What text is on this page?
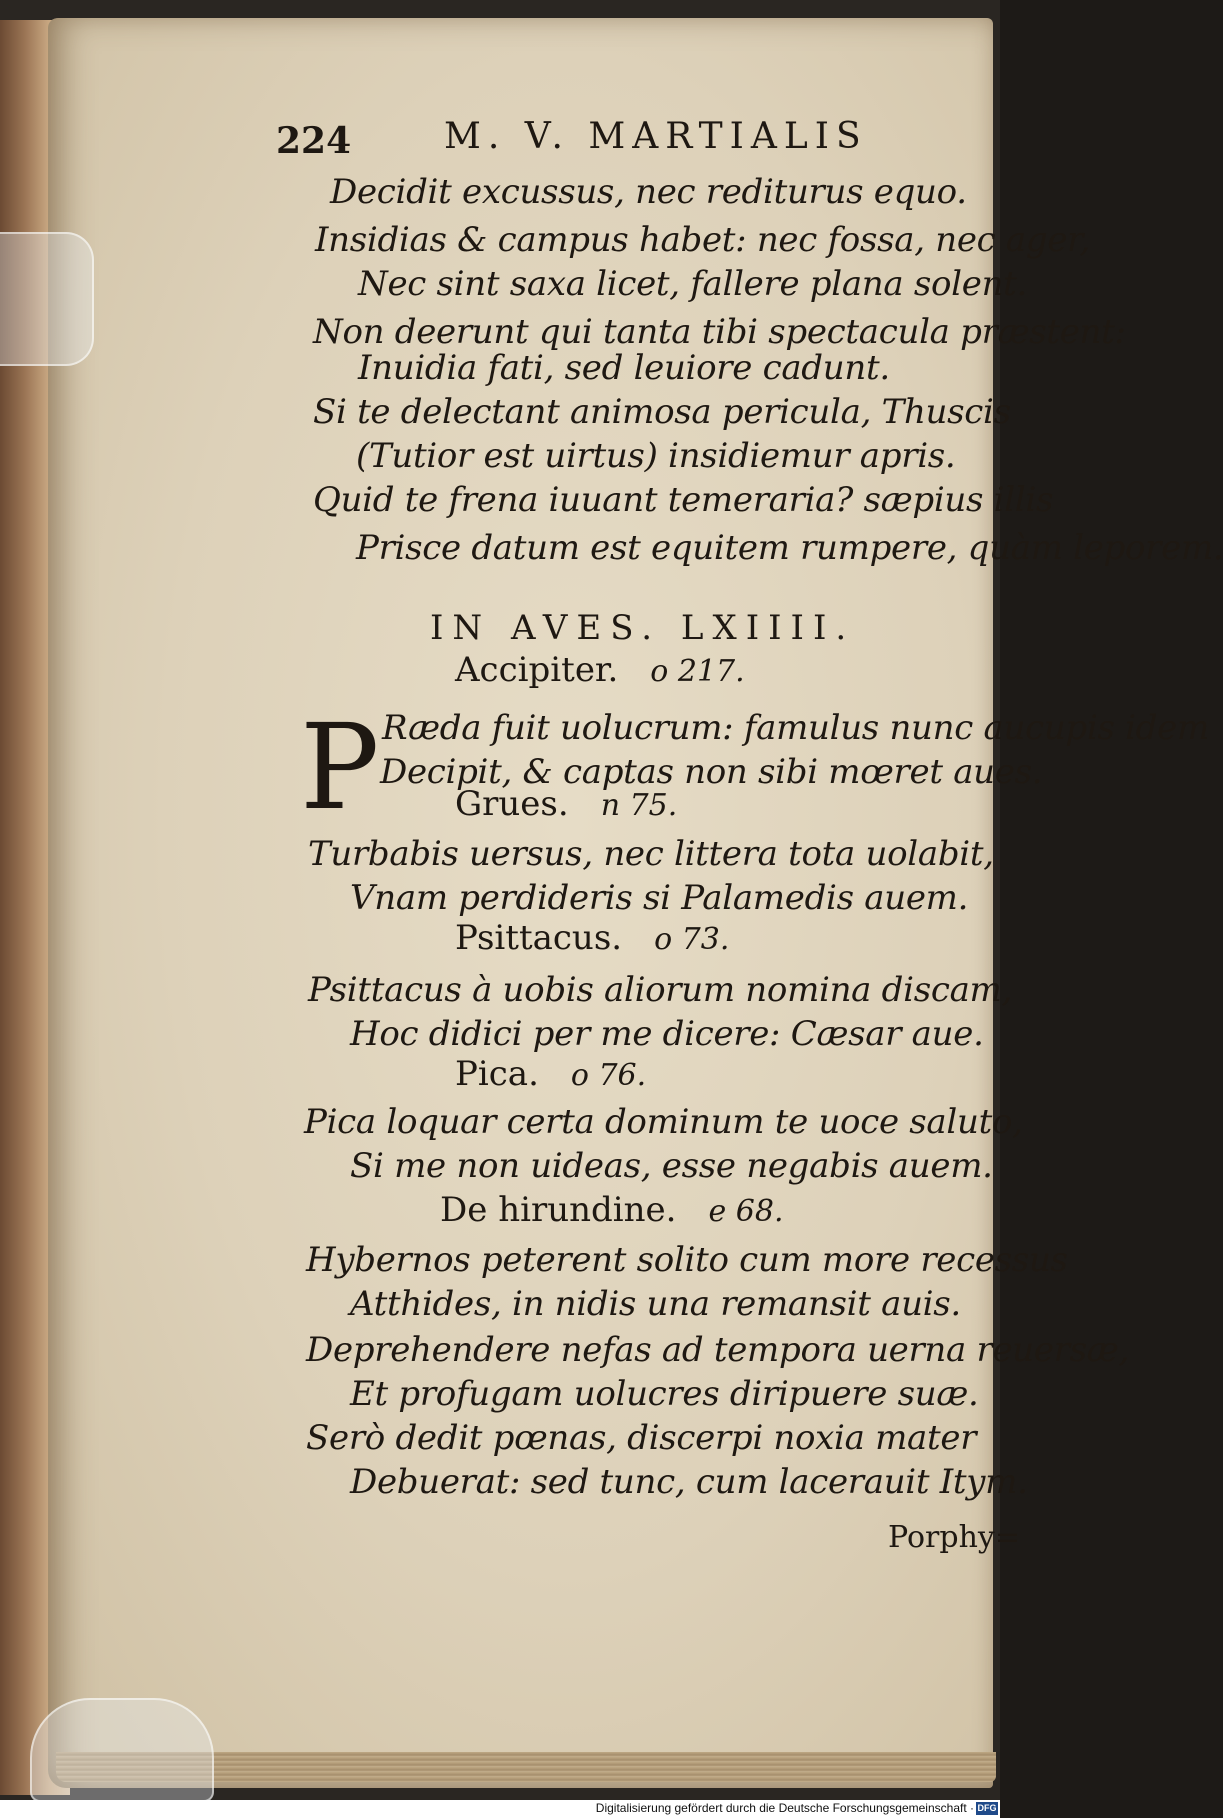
224	M. V. MARTIALIS
Decidit excussus, nec rediturus equo.
Insidias & campus habet: nec fossa, nec ager,
Nec sint saxa licet, fallere plana solent.
Non deerunt qui tanta tibi spectacula præstent:
Inuidia fati, sed leuiore cadunt.
Si te delectant animosa pericula, Thuscis
(Tutior est uirtus) insidiemur apris.
Quid te frena iuuant temeraria? sæpius illis
Prisce datum est equitem rumpere, quàm leporem.
IN AVES. LXIIII.
Accipiter. o 217.
P Ræda fuit uolucrum: famulus nunc aucupis idem
Decipit, & captas non sibi mœret aues.
Grues. n 75.
Turbabis uersus, nec littera tota uolabit,
Vnam perdideris si Palamedis auem.
Psittacus. o 73.
Psittacus à uobis aliorum nomina discam,
Hoc didici per me dicere: Cæsar aue.
Pica. o 76.
Pica loquar certa dominum te uoce saluto,
Si me non uideas, esse negabis auem.
De hirundine. e 68.
Hybernos peterent solito cum more recessus
Atthides, in nidis una remansit auis.
Deprehendere nefas ad tempora uerna reuersæ,
Et profugam uolucres diripuere suæ.
Serò dedit pœnas, discerpi noxia mater
Debuerat: sed tunc, cum lacerauit Itym.
Porphy=
Digitalisierung gefördert durch die Deutsche Forschungsgemeinschaft · DFG
